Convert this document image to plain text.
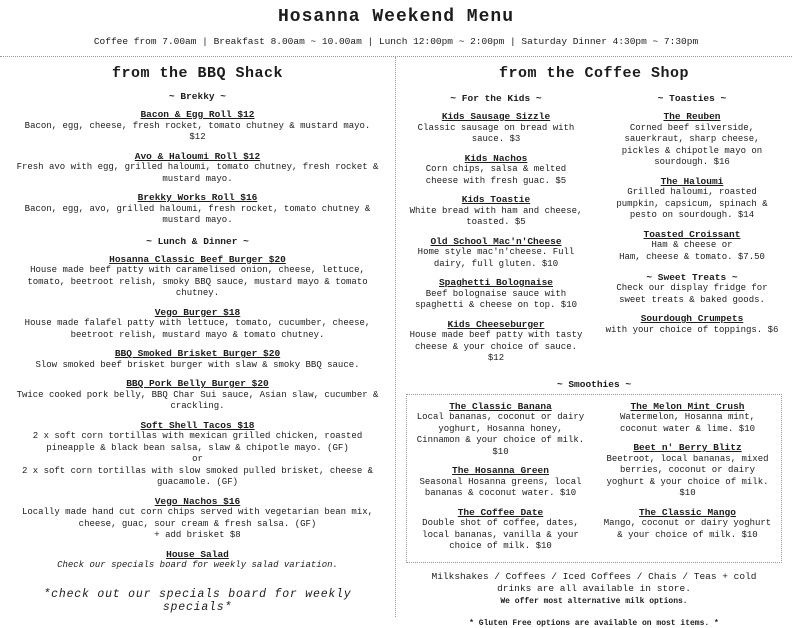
Hosanna Weekend Menu
Coffee from 7.00am | Breakfast 8.00am ~ 10.00am | Lunch 12:00pm ~ 2:00pm | Saturday Dinner 4:30pm ~ 7:30pm
from the BBQ Shack
~ Brekky ~
Bacon & Egg Roll $12
Bacon, egg, cheese, fresh rocket, tomato chutney & mustard mayo.
$12
Avo & Haloumi Roll $12
Fresh avo with egg, grilled haloumi, tomato chutney, fresh rocket & mustard mayo.
Brekky Works Roll $16
Bacon, egg, avo, grilled haloumi, fresh rocket, tomato chutney & mustard mayo.
~ Lunch & Dinner ~
Hosanna Classic Beef Burger $20
House made beef patty with caramelised onion, cheese, lettuce, tomato, beetroot relish, smoky BBQ sauce, mustard mayo & tomato chutney.
Vego Burger $18
House made falafel patty with lettuce, tomato, cucumber, cheese, beetroot relish, mustard mayo & tomato chutney.
BBQ Smoked Brisket Burger $20
Slow smoked beef brisket burger with slaw & smoky BBQ sauce.
BBQ Pork Belly Burger $20
Twice cooked pork belly, BBQ Char Sui sauce, Asian slaw, cucumber & crackling.
Soft Shell Tacos $18
2 x soft corn tortillas with mexican grilled chicken, roasted pineapple & black bean salsa, slaw & chipotle mayo. (GF)
or
2 x soft corn tortillas with slow smoked pulled brisket, cheese & guacamole. (GF)
Vego Nachos $16
Locally made hand cut corn chips served with vegetarian bean mix, cheese, guac, sour cream & fresh salsa. (GF)
+ add brisket $8
House Salad
Check our specials board for weekly salad variation.
*check out our specials board for weekly specials*
from the Coffee Shop
~ For the Kids ~
Kids Sausage Sizzle
Classic sausage on bread with sauce. $3
Kids Nachos
Corn chips, salsa & melted cheese with fresh guac. $5
Kids Toastie
White bread with ham and cheese, toasted. $5
Old School Mac'n'Cheese
Home style mac'n'cheese. Full dairy, full gluten. $10
Spaghetti Bolognaise
Beef bolognaise sauce with spaghetti & cheese on top. $10
Kids Cheeseburger
House made beef patty with tasty cheese & your choice of sauce. $12
~ Toasties ~
The Reuben
Corned beef silverside, sauerkraut, sharp cheese, pickles & chipotle mayo on sourdough. $16
The Haloumi
Grilled haloumi, roasted pumpkin, capsicum, spinach & pesto on sourdough. $14
Toasted Croissant
Ham & cheese or
Ham, cheese & tomato. $7.50
~ Sweet Treats ~
Check our display fridge for sweet treats & baked goods.
Sourdough Crumpets
with your choice of toppings. $6
~ Smoothies ~
The Classic Banana
Local bananas, coconut or dairy yoghurt, Hosanna honey, Cinnamon & your choice of milk. $10
The Hosanna Green
Seasonal Hosanna greens, local bananas & coconut water. $10
The Coffee Date
Double shot of coffee, dates, local bananas, vanilla & your choice of milk. $10
The Melon Mint Crush
Watermelon, Hosanna mint, coconut water & lime. $10
Beet n' Berry Blitz
Beetroot, local bananas, mixed berries, coconut or dairy yoghurt & your choice of milk. $10
The Classic Mango
Mango, coconut or dairy yoghurt & your choice of milk. $10
Milkshakes / Coffees / Iced Coffees / Chais / Teas + cold drinks are all available in store.
We offer most alternative milk options.
* Gluten Free options are available on most items. *
